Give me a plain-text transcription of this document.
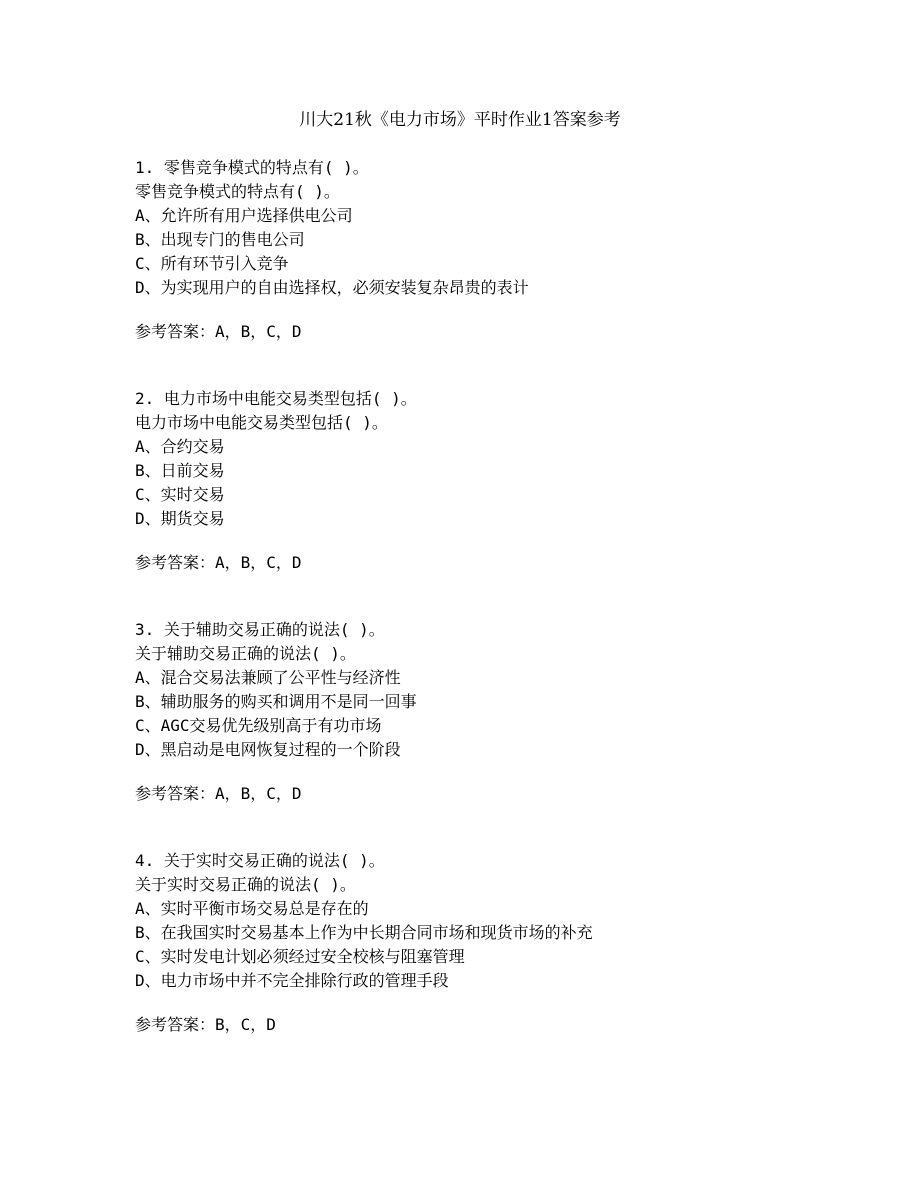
川大21秋《电力市场》平时作业1答案参考
1 . 零售竞争模式的特点有( )。
零售竞争模式的特点有( )。
A、允许所有用户选择供电公司
B、出现专门的售电公司
C、所有环节引入竞争
D、为实现用户的自由选择权，必须安装复杂昂贵的表计
参考答案：A，B，C，D
2 . 电力市场中电能交易类型包括( )。
电力市场中电能交易类型包括( )。
A、合约交易
B、日前交易
C、实时交易
D、期货交易
参考答案：A，B，C，D
3 . 关于辅助交易正确的说法( )。
关于辅助交易正确的说法( )。
A、混合交易法兼顾了公平性与经济性
B、辅助服务的购买和调用不是同一回事
C、AGC交易优先级别高于有功市场
D、黑启动是电网恢复过程的一个阶段
参考答案：A，B，C，D
4 . 关于实时交易正确的说法( )。
关于实时交易正确的说法( )。
A、实时平衡市场交易总是存在的
B、在我国实时交易基本上作为中长期合同市场和现货市场的补充
C、实时发电计划必须经过安全校核与阻塞管理
D、电力市场中并不完全排除行政的管理手段
参考答案：B，C，D
